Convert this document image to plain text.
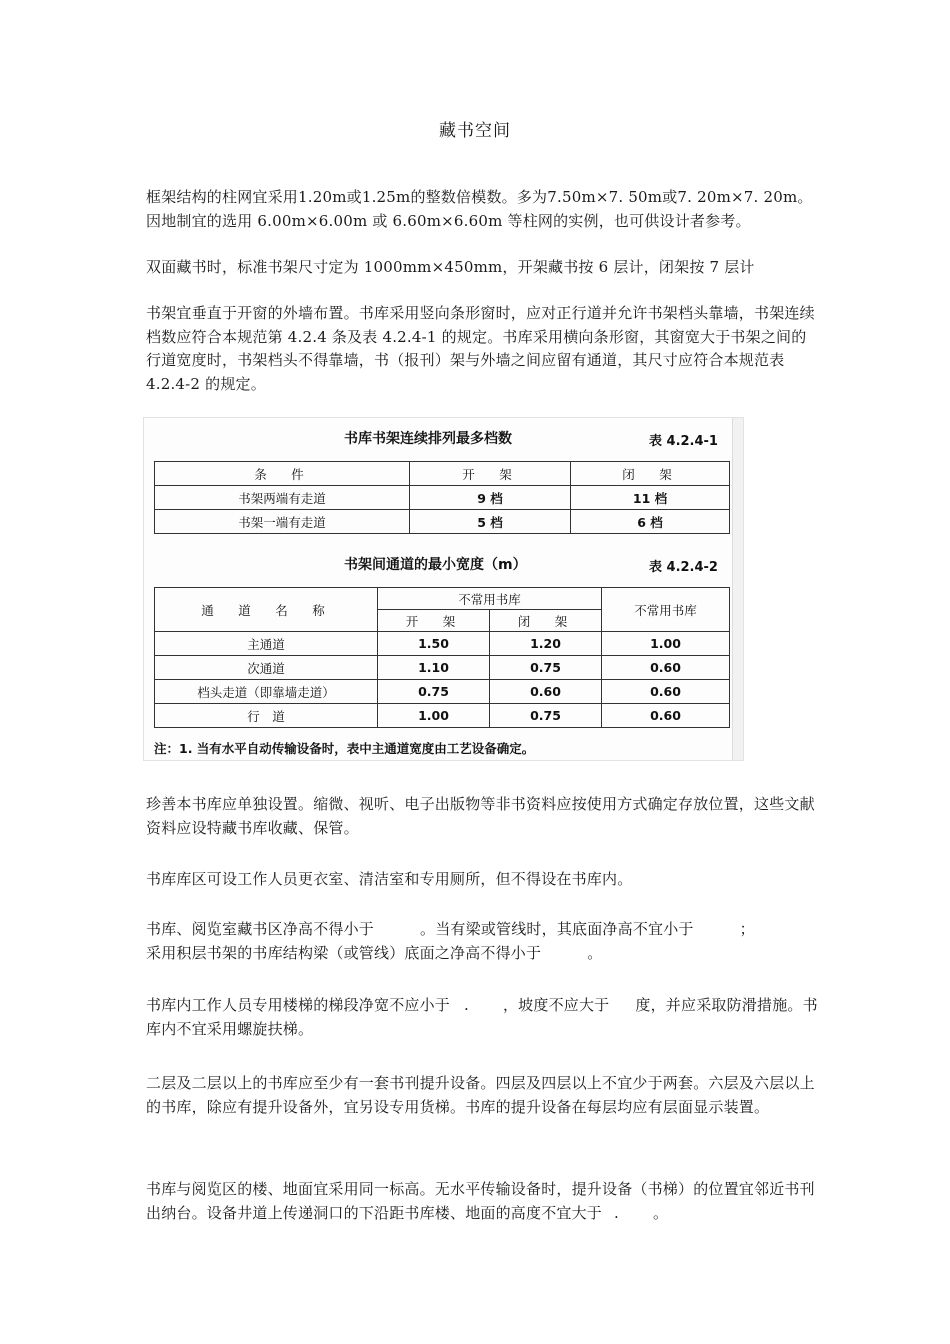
藏书空间

框架结构的柱网宜采用1.20m或1.25m的整数倍模数。多为7.50m×7. 50m或7. 20m×7. 20m。因地制宜的选用 6.00m×6.00m 或 6.60m×6.60m 等柱网的实例，也可供设计者参考。

双面藏书时，标准书架尺寸定为 1000mm×450mm，开架藏书按 6 层计，闭架按 7 层计

书架宜垂直于开窗的外墙布置。书库采用竖向条形窗时，应对正行道并允许书架档头靠墙，书架连续档数应符合本规范第 4.2.4 条及表 4.2.4-1 的规定。书库采用横向条形窗，其窗宽大于书架之间的行道宽度时，书架档头不得靠墙，书（报刊）架与外墙之间应留有通道，其尺寸应符合本规范表 4.2.4-2 的规定。

书库书架连续排列最多档数	表 4.2.4-1
条　件	开　架	闭　架
书架两端有走道	9 档	11 档
书架一端有走道	5 档	6 档
书架间通道的最小宽度（m）	表 4.2.4-2
通　道　名　称	不常用书库		不常用书库
	开　架	闭　架	
主通道	1.50	1.20	1.00
次通道	1.10	0.75	0.60
档头走道（即靠墙走道）	0.75	0.60	0.60
行　道	1.00	0.75	0.60
注：1. 当有水平自动传输设备时，表中主通道宽度由工艺设备确定。

珍善本书库应单独设置。缩微、视听、电子出版物等非书资料应按使用方式确定存放位置，这些文献资料应设特藏书库收藏、保管。

书库库区可设工作人员更衣室、清洁室和专用厕所，但不得设在书库内。

书库、阅览室藏书区净高不得小于	。当有梁或管线时，其底面净高不宜小于	；
采用积层书架的书库结构梁（或管线）底面之净高不得小于	。

书库内工作人员专用楼梯的梯段净宽不应小于 . ，坡度不应大于 度，并应采取防滑措施。书库内不宜采用螺旋扶梯。

二层及二层以上的书库应至少有一套书刊提升设备。四层及四层以上不宜少于两套。六层及六层以上的书库，除应有提升设备外，宜另设专用货梯。书库的提升设备在每层均应有层面显示装置。

书库与阅览区的楼、地面宜采用同一标高。无水平传输设备时，提升设备（书梯）的位置宜邻近书刊出纳台。设备井道上传递洞口的下沿距书库楼、地面的高度不宜大于 . 。
